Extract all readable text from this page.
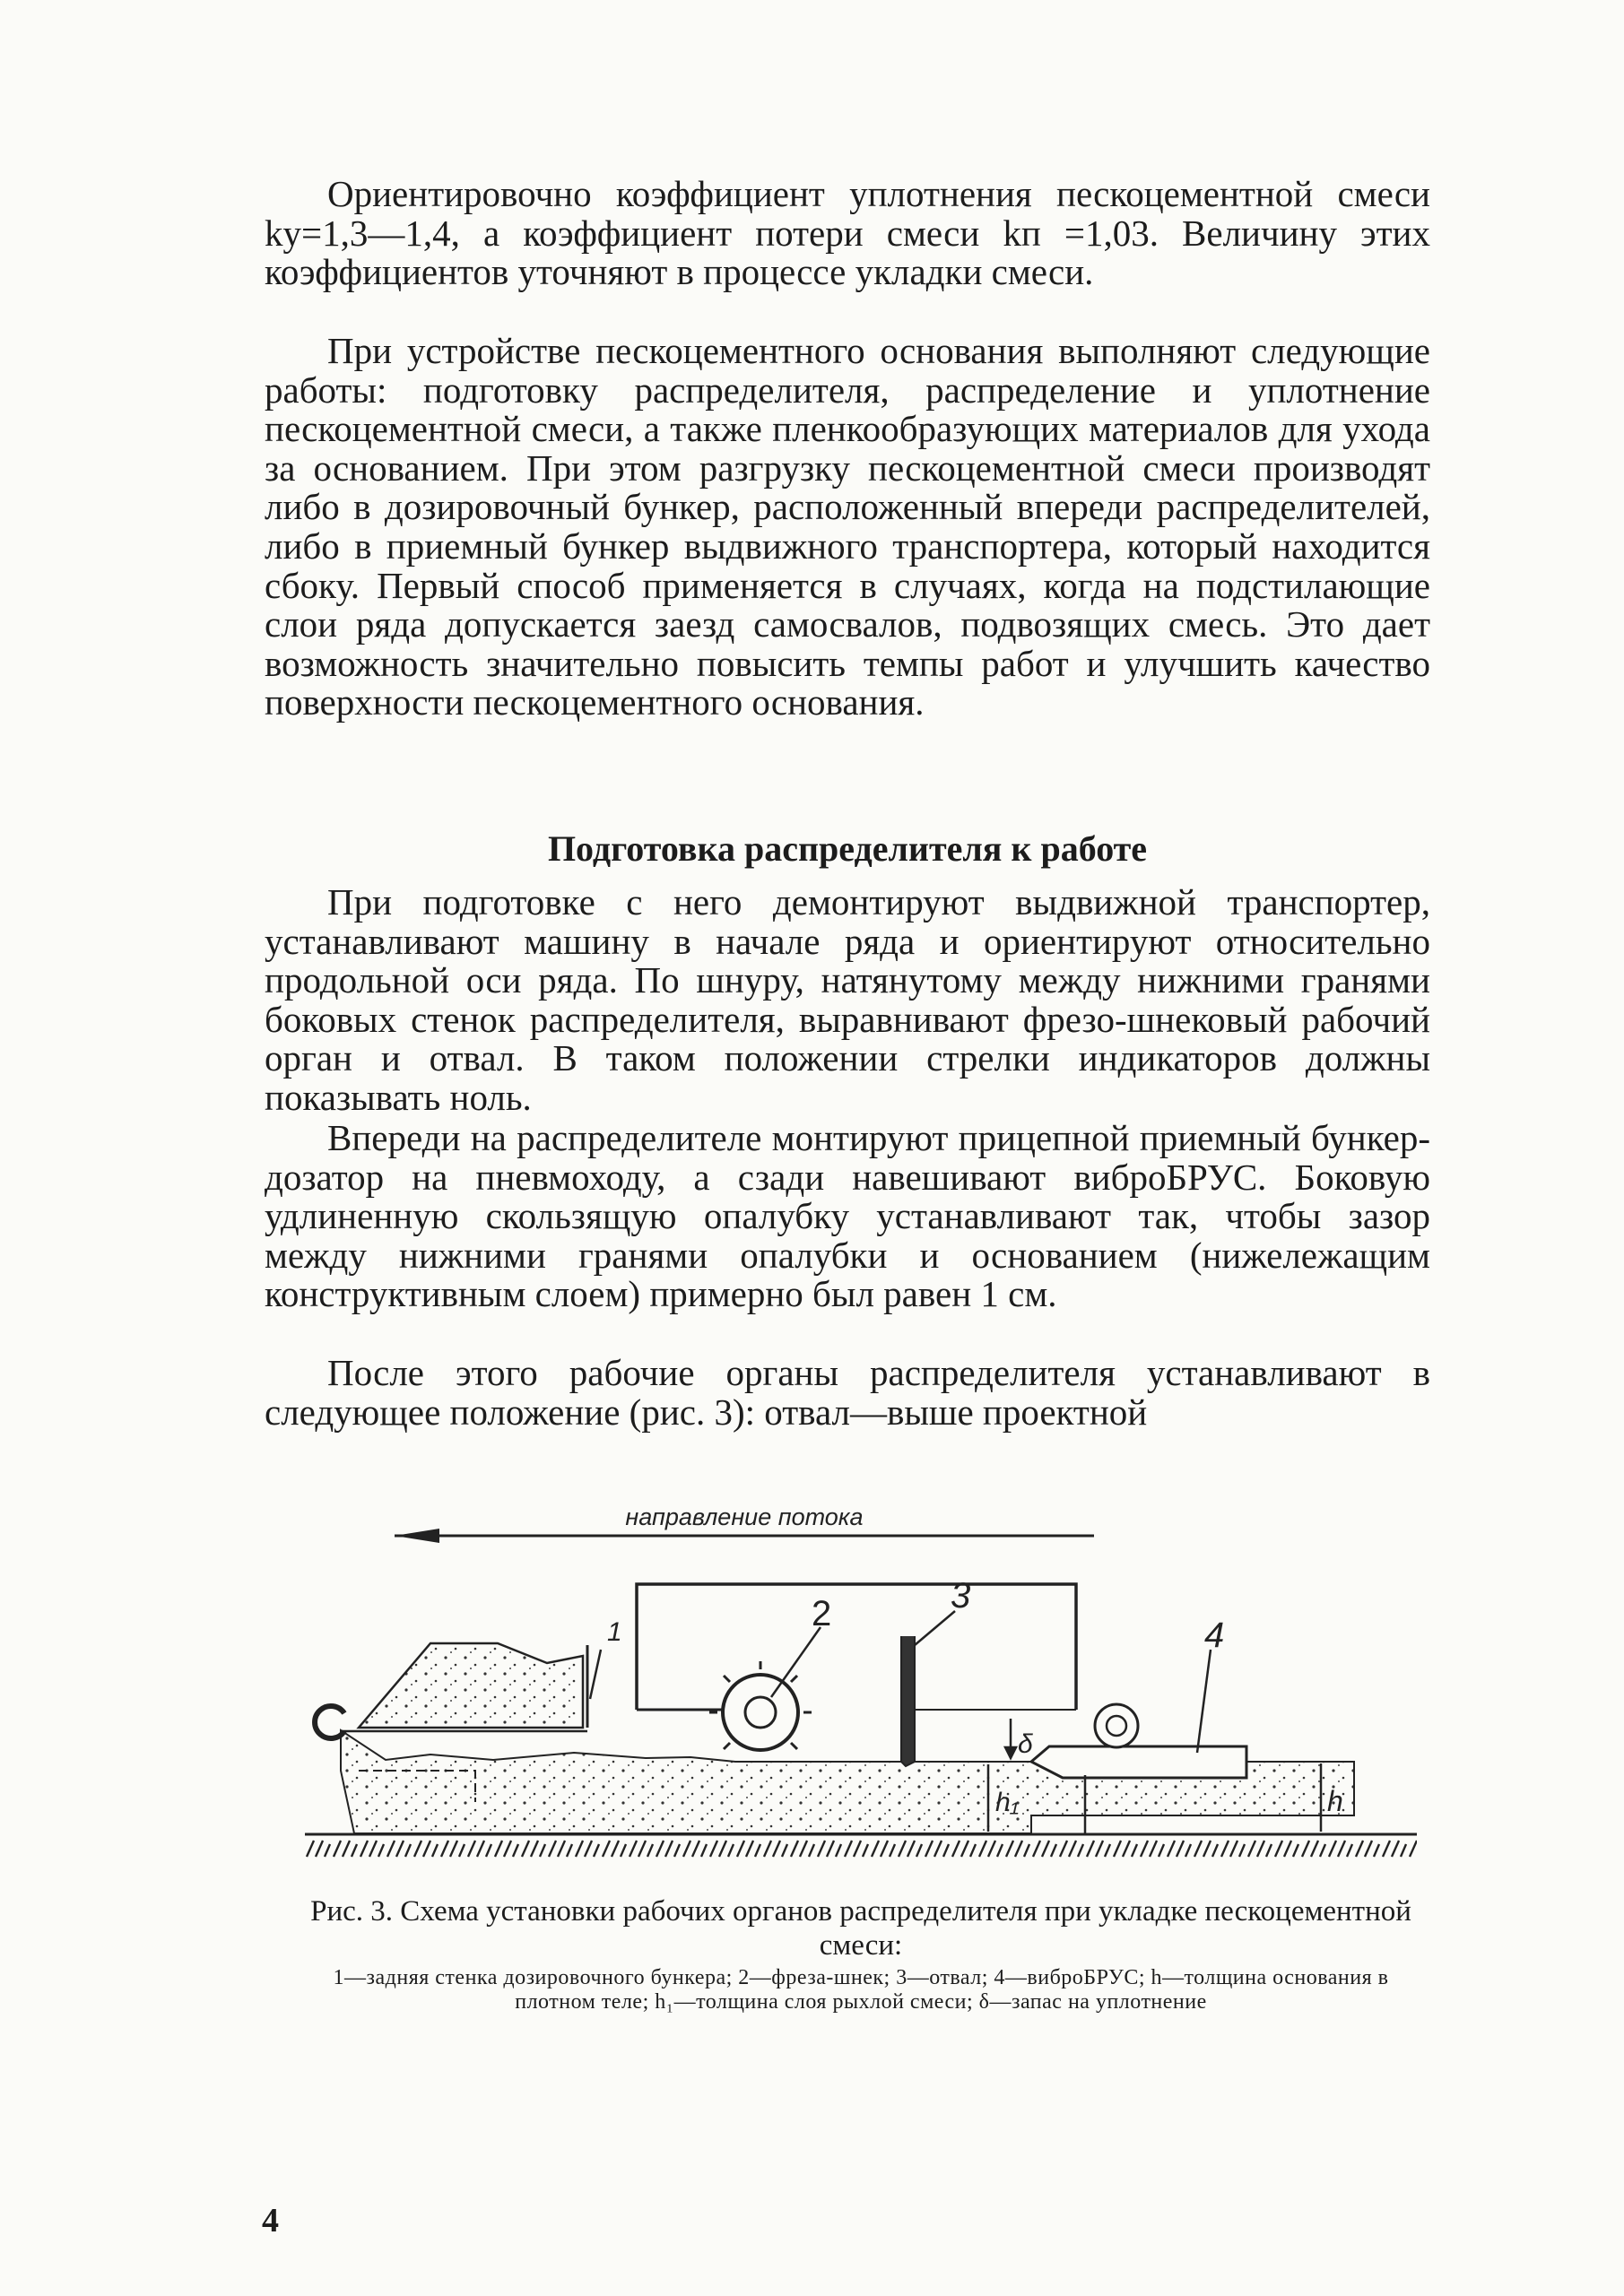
Ориентировочно коэффициент уплотнения пескоцементной смеси ky=1,3—1,4, а коэффициент потери смеси kп =1,03. Величину этих коэффициентов уточняют в процессе укладки смеси.

При устройстве пескоцементного основания выполняют следующие работы: подготовку распределителя, распределение и уплотнение пескоцементной смеси, а также пленкообразующих материалов для ухода за основанием. При этом разгрузку пескоцементной смеси производят либо в дозировочный бункер, расположенный впереди распределителей, либо в приемный бункер выдвижного транспортера, который находится сбоку. Первый способ применяется в случаях, когда на подстилающие слои ряда допускается заезд самосвалов, подвозящих смесь. Это дает возможность значительно повысить темпы работ и улучшить качество поверхности пескоцементного основания.

Подготовка распределителя к работе

При подготовке с него демонтируют выдвижной транспортер, устанавливают машину в начале ряда и ориентируют относительно продольной оси ряда. По шнуру, натянутому между нижними гранями боковых стенок распределителя, выравнивают фрезо-шнековый рабочий орган и отвал. В таком положении стрелки индикаторов должны показывать ноль.

Впереди на распределителе монтируют прицепной приемный бункер-дозатор на пневмоходу, а сзади навешивают виброБРУС. Боковую удлиненную скользящую опалубку устанавливают так, чтобы зазор между нижними гранями опалубки и основанием (нижележащим конструктивным слоем) примерно был равен 1 см.

После этого рабочие органы распределителя устанавливают в следующее положение (рис. 3): отвал—выше проектной

направление потока
1	2	3
4
δ
h₁	h

Рис. 3. Схема установки рабочих органов распределителя при укладке пескоцементной смеси:

1—задняя стенка дозировочного бункера; 2—фреза-шнек; 3—отвал; 4—виброБРУС; h—толщина основания в плотном теле; h₁—толщина слоя рыхлой смеси; δ—запас на уплотнение

4
